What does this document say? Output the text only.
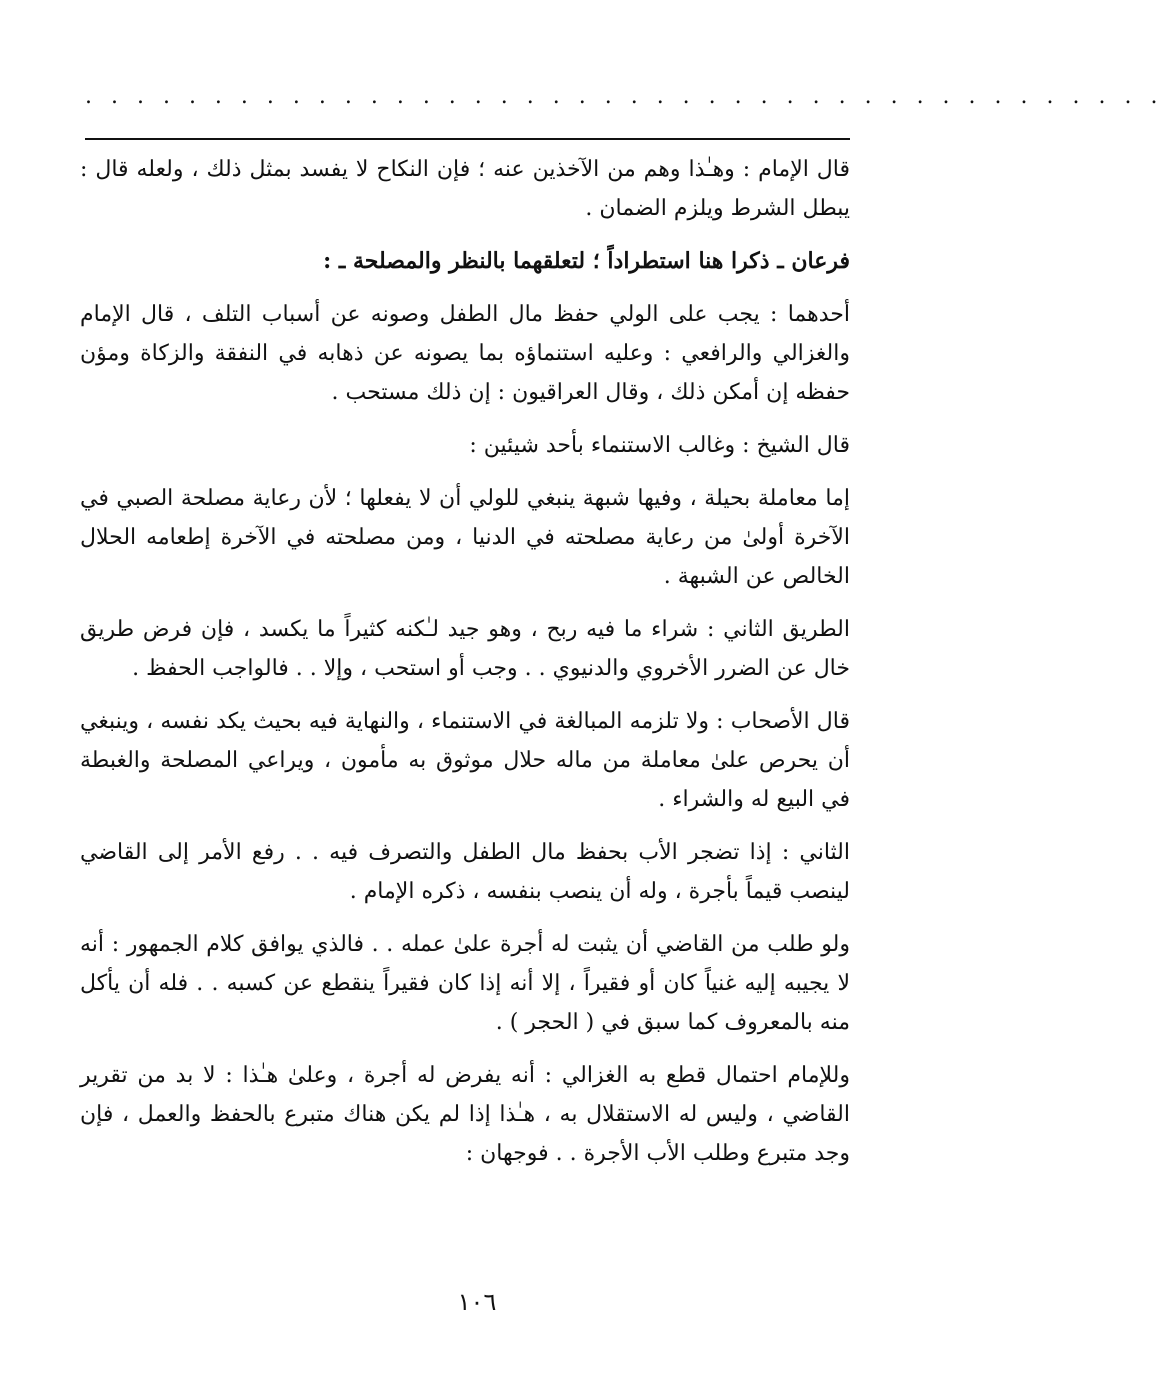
. . . . . . . . . . . . . . . . . . . . . . . . . . . . . . . . . . . . . . . . . .

قال الإمام : وهـٰذا وهم من الآخذين عنه ؛ فإن النكاح لا يفسد بمثل ذلك ، ولعله قال : يبطل الشرط ويلزم الضمان .

فرعان ـ ذكرا هنا استطراداً ؛ لتعلقهما بالنظر والمصلحة ـ :

أحدهما : يجب على الولي حفظ مال الطفل وصونه عن أسباب التلف ، قال الإمام والغزالي والرافعي : وعليه استنماؤه بما يصونه عن ذهابه في النفقة والزكاة ومؤن حفظه إن أمكن ذلك ، وقال العراقيون : إن ذلك مستحب .

قال الشيخ : وغالب الاستنماء بأحد شيئين :

إما معاملة بحيلة ، وفيها شبهة ينبغي للولي أن لا يفعلها ؛ لأن رعاية مصلحة الصبي في الآخرة أولىٰ من رعاية مصلحته في الدنيا ، ومن مصلحته في الآخرة إطعامه الحلال الخالص عن الشبهة .

الطريق الثاني : شراء ما فيه ربح ، وهو جيد لـٰكنه كثيراً ما يكسد ، فإن فرض طريق خال عن الضرر الأخروي والدنيوي . . وجب أو استحب ، وإلا . . فالواجب الحفظ .

قال الأصحاب : ولا تلزمه المبالغة في الاستنماء ، والنهاية فيه بحيث يكد نفسه ، وينبغي أن يحرص علىٰ معاملة من ماله حلال موثوق به مأمون ، ويراعي المصلحة والغبطة في البيع له والشراء .

الثاني : إذا تضجر الأب بحفظ مال الطفل والتصرف فيه . . رفع الأمر إلى القاضي لينصب قيماً بأجرة ، وله أن ينصب بنفسه ، ذكره الإمام .

ولو طلب من القاضي أن يثبت له أجرة علىٰ عمله . . فالذي يوافق كلام الجمهور : أنه لا يجيبه إليه غنياً كان أو فقيراً ، إلا أنه إذا كان فقيراً ينقطع عن كسبه . . فله أن يأكل منه بالمعروف كما سبق في ( الحجر ) .

وللإمام احتمال قطع به الغزالي : أنه يفرض له أجرة ، وعلىٰ هـٰذا : لا بد من تقرير القاضي ، وليس له الاستقلال به ، هـٰذا إذا لم يكن هناك متبرع بالحفظ والعمل ، فإن وجد متبرع وطلب الأب الأجرة . . فوجهان :

١٠٦
